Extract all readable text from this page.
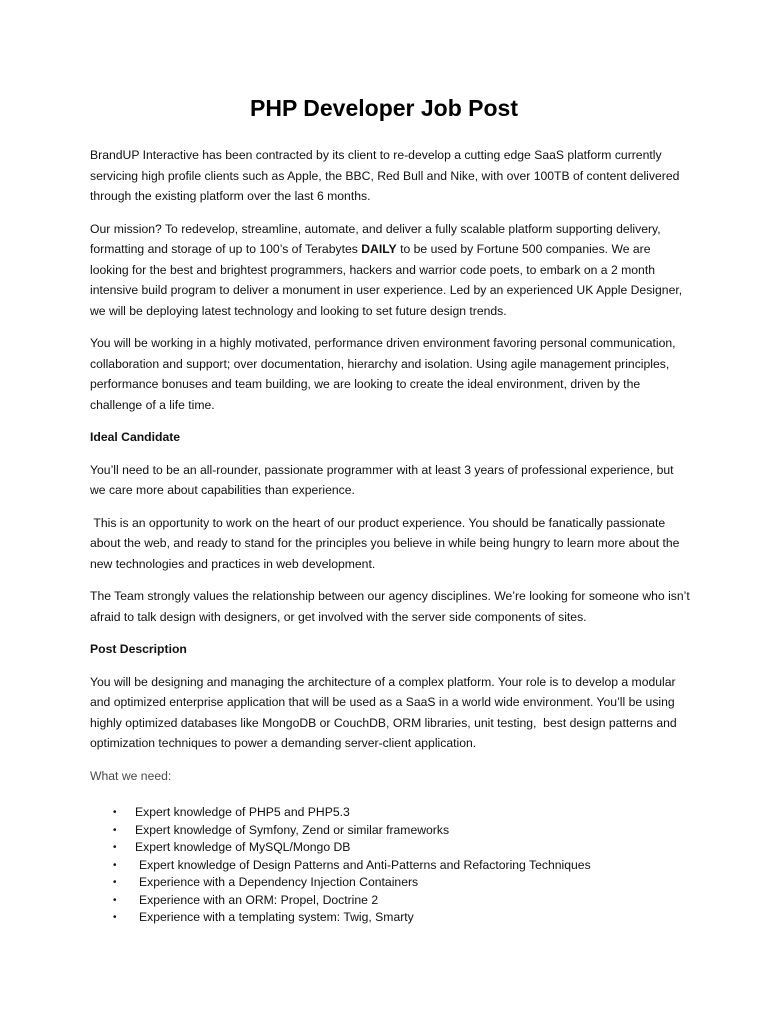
PHP Developer Job Post

BrandUP Interactive has been contracted by its client to re-develop a cutting edge SaaS platform currently servicing high profile clients such as Apple, the BBC, Red Bull and Nike, with over 100TB of content delivered through the existing platform over the last 6 months.

Our mission? To redevelop, streamline, automate, and deliver a fully scalable platform supporting delivery, formatting and storage of up to 100’s of Terabytes DAILY to be used by Fortune 500 companies. We are looking for the best and brightest programmers, hackers and warrior code poets, to embark on a 2 month intensive build program to deliver a monument in user experience. Led by an experienced UK Apple Designer, we will be deploying latest technology and looking to set future design trends.

You will be working in a highly motivated, performance driven environment favoring personal communication, collaboration and support; over documentation, hierarchy and isolation. Using agile management principles, performance bonuses and team building, we are looking to create the ideal environment, driven by the challenge of a life time.

Ideal Candidate

You’ll need to be an all-rounder, passionate programmer with at least 3 years of professional experience, but we care more about capabilities than experience.

This is an opportunity to work on the heart of our product experience. You should be fanatically passionate about the web, and ready to stand for the principles you believe in while being hungry to learn more about the new technologies and practices in web development.

The Team strongly values the relationship between our agency disciplines. We’re looking for someone who isn’t afraid to talk design with designers, or get involved with the server side components of sites.

Post Description

You will be designing and managing the architecture of a complex platform. Your role is to develop a modular and optimized enterprise application that will be used as a SaaS in a world wide environment. You’ll be using highly optimized databases like MongoDB or CouchDB, ORM libraries, unit testing,  best design patterns and optimization techniques to power a demanding server-client application.

What we need:

• Expert knowledge of PHP5 and PHP5.3
• Expert knowledge of Symfony, Zend or similar frameworks
• Expert knowledge of MySQL/Mongo DB
• Expert knowledge of Design Patterns and Anti-Patterns and Refactoring Techniques
• Experience with a Dependency Injection Containers
• Experience with an ORM: Propel, Doctrine 2
• Experience with a templating system: Twig, Smarty
